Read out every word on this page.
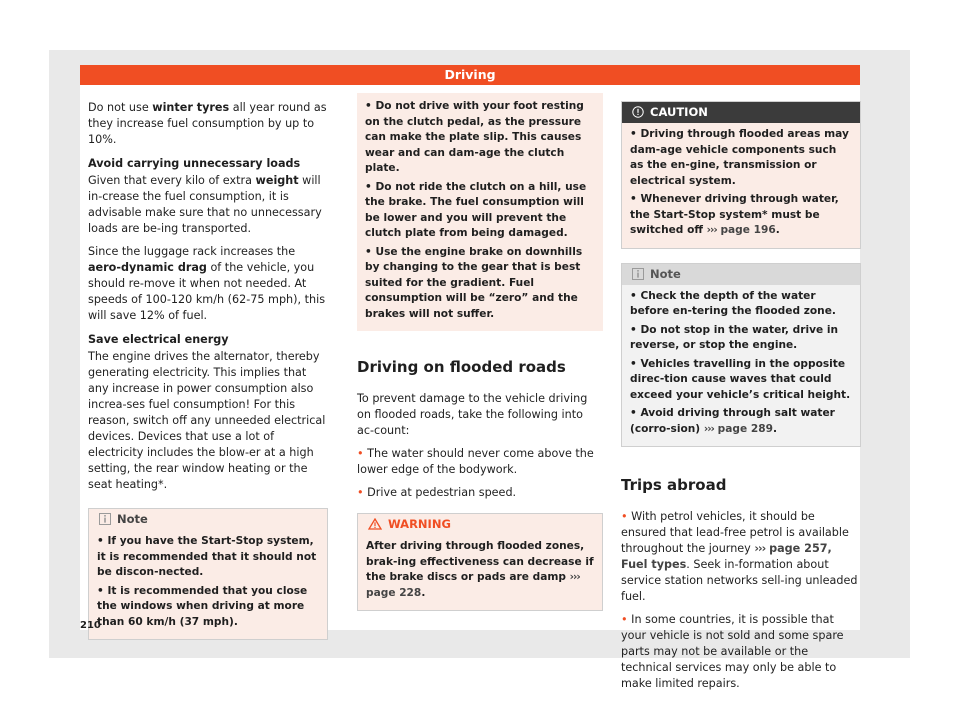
Driving

Do not use winter tyres all year round as they increase fuel consumption by up to 10%.

Avoid carrying unnecessary loads

Given that every kilo of extra weight will in-crease the fuel consumption, it is advisable make sure that no unnecessary loads are be-ing transported.

Since the luggage rack increases the aero-dynamic drag of the vehicle, you should re-move it when not needed. At speeds of 100-120 km/h (62-75 mph), this will save 12% of fuel.

Save electrical energy

The engine drives the alternator, thereby generating electricity. This implies that any increase in power consumption also increa-ses fuel consumption! For this reason, switch off any unneeded electrical devices. Devices that use a lot of electricity includes the blow-er at a high setting, the rear window heating or the seat heating*.

Note

• If you have the Start-Stop system, it is recommended that it should not be discon-nected.

• It is recommended that you close the windows when driving at more than 60 km/h (37 mph).

• Do not drive with your foot resting on the clutch pedal, as the pressure can make the plate slip. This causes wear and can dam-age the clutch plate.

• Do not ride the clutch on a hill, use the brake. The fuel consumption will be lower and you will prevent the clutch plate from being damaged.

• Use the engine brake on downhills by changing to the gear that is best suited for the gradient. Fuel consumption will be “zero” and the brakes will not suffer.

Driving on flooded roads

To prevent damage to the vehicle driving on flooded roads, take the following into ac-count:

• The water should never come above the lower edge of the bodywork.

• Drive at pedestrian speed.

WARNING

After driving through flooded zones, brak-ing effectiveness can decrease if the brake discs or pads are damp ››› page 228.

CAUTION

• Driving through flooded areas may dam-age vehicle components such as the en-gine, transmission or electrical system.

• Whenever driving through water, the Start-Stop system* must be switched off ››› page 196.

Note

• Check the depth of the water before en-tering the flooded zone.

• Do not stop in the water, drive in reverse, or stop the engine.

• Vehicles travelling in the opposite direc-tion cause waves that could exceed your vehicle’s critical height.

• Avoid driving through salt water (corro-sion) ››› page 289.

Trips abroad

• With petrol vehicles, it should be ensured that lead-free petrol is available throughout the journey ››› page 257, Fuel types. Seek in-formation about service station networks sell-ing unleaded fuel.

• In some countries, it is possible that your vehicle is not sold and some spare parts may not be available or the technical services may only be able to make limited repairs.

210
